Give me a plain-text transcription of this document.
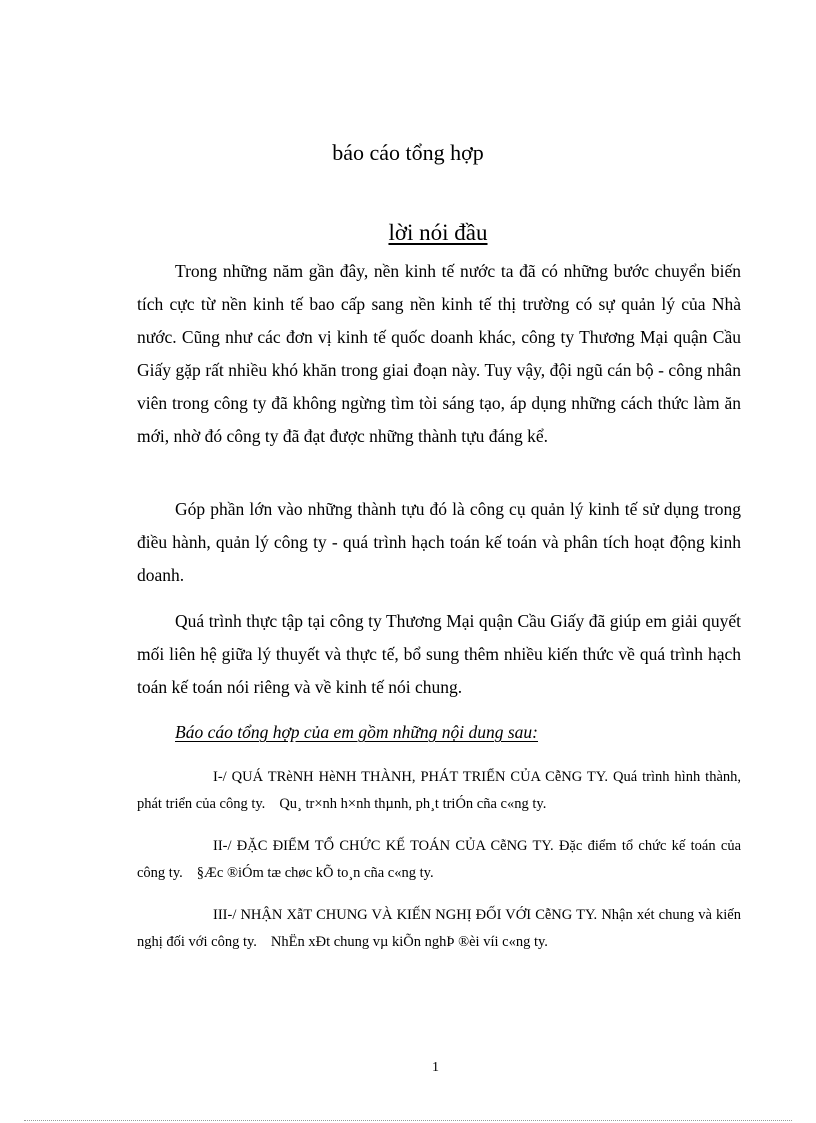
báo cáo tổng hợp
lời nói đầu

Trong những năm gần đây, nền kinh tế nước ta đã có những bước chuyển biến tích cực từ nền kinh tế bao cấp sang nền kinh tế thị trường có sự quản lý của Nhà nước. Cũng như các đơn vị kinh tế quốc doanh khác, công ty Thương Mại quận Cầu Giấy gặp rất nhiều khó khăn trong giai đoạn này. Tuy vậy, đội ngũ cán bộ - công nhân viên trong công ty đã không ngừng tìm tòi sáng tạo, áp dụng những cách thức làm ăn mới, nhờ đó công ty đã đạt được những thành tựu đáng kể.

Góp phần lớn vào những thành tựu đó là công cụ quản lý kinh tế sử dụng trong điều hành, quản lý công ty - quá trình hạch toán kế toán và phân tích hoạt động kinh doanh.

Quá trình thực tập tại công ty Thương Mại quận Cầu Giấy đã giúp em giải quyết mối liên hệ giữa lý thuyết và thực tế, bổ sung thêm nhiều kiến thức về quá trình hạch toán kế toán nói riêng và về kinh tế nói chung.

Báo cáo tổng hợp của em gồm những nội dung sau:

I-/ QUÁ TRèNH HèNH THÀNH, PHÁT TRIỂN CỦA CễNG TY. Quá trình hình thành, phát triển của công ty. Qu¸ tr×nh h×nh thµnh, ph¸t triÓn cña c«ng ty.

II-/ ĐẶC ĐIỂM TỔ CHỨC KẾ TOÁN CỦA CễNG TY. Đặc điểm tổ chức kế toán của công ty. §Æc ®iÓm tæ chøc kÕ to¸n cña c«ng ty.

III-/ NHẬN XẫT CHUNG VÀ KIẾN NGHỊ ĐỐI VỚI CễNG TY. Nhận xét chung và kiến nghị đối với công ty. NhËn xÐt chung vµ kiÕn nghÞ ®èi víi c«ng ty.

1
